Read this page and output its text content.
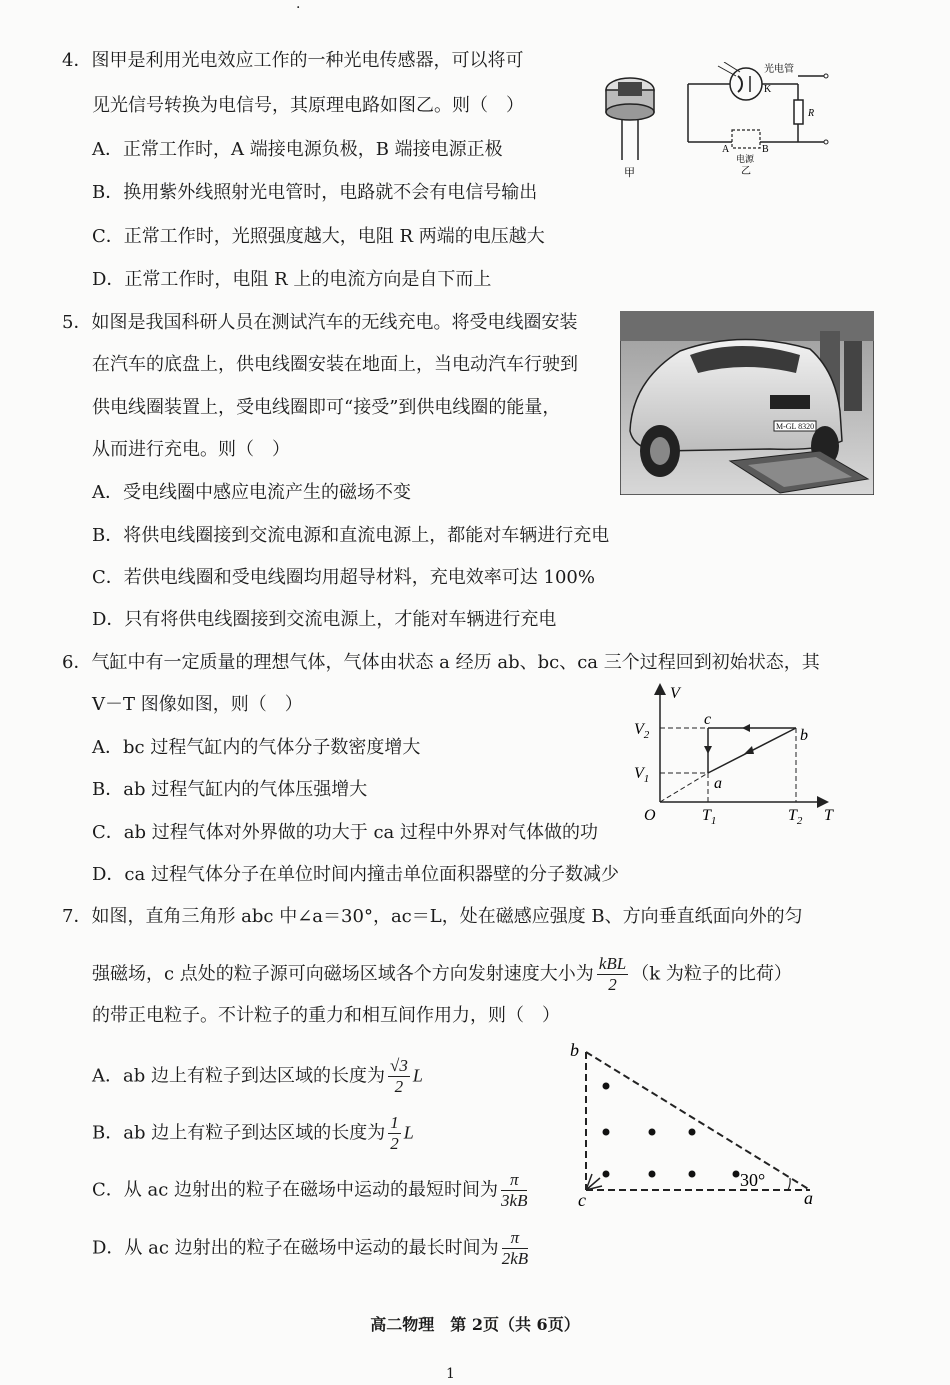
·
4．图甲是利用光电效应工作的一种光电传感器，可以将可
见光信号转换为电信号，其原理电路如图乙。则（　）
A．正常工作时，A 端接电源负极，B 端接电源正极
B．换用紫外线照射光电管时，电路就不会有电信号输出
C．正常工作时，光照强度越大，电阻 R 两端的电压越大
D．正常工作时，电阻 R 上的电流方向是自下而上
甲
光电管
K
R
A	B
电源
乙
5．如图是我国科研人员在测试汽车的无线充电。将受电线圈安装
在汽车的底盘上，供电线圈安装在地面上，当电动汽车行驶到
供电线圈装置上，受电线圈即可“接受”到供电线圈的能量，
从而进行充电。则（　）
A．受电线圈中感应电流产生的磁场不变
B．将供电线圈接到交流电源和直流电源上，都能对车辆进行充电
C．若供电线圈和受电线圈均用超导材料，充电效率可达 100%
D．只有将供电线圈接到交流电源上，才能对车辆进行充电
M-GL 8320
6．气缸中有一定质量的理想气体，气体由状态 a 经历 ab、bc、ca 三个过程回到初始状态，其
V－T 图像如图，则（　）
A．bc 过程气缸内的气体分子数密度增大
B．ab 过程气缸内的气体压强增大
C．ab 过程气体对外界做的功大于 ca 过程中外界对气体做的功
D．ca 过程气体分子在单位时间内撞击单位面积器壁的分子数减少
V
T
O
c
b
a
$V_2$
$V_1$
$T_1$	$T_2$
7．如图，直角三角形 abc 中∠a＝30°，ac＝L，处在磁感应强度 B、方向垂直纸面向外的匀
强磁场，c 点处的粒子源可向磁场区域各个方向发射速度大小为 $\frac{\text{kBL}}{2} (k$ 为粒子的比荷）
的带正电粒子。不计粒子的重力和相互间作用力，则（　）
A．ab 边上有粒子到达区域的长度为 $\frac{√3}{2}$ L
B．ab 边上有粒子到达区域的长度为 $\frac{1}{2}$ L
C．从 ac 边射出的粒子在磁场中运动的最短时间为 $\frac{\pi}{3kB}$
D．从 ac 边射出的粒子在磁场中运动的最长时间为 $\frac{\pi}{2kB}$
30°
b
c	a
高二物理　第 2页（共 6页）
1
